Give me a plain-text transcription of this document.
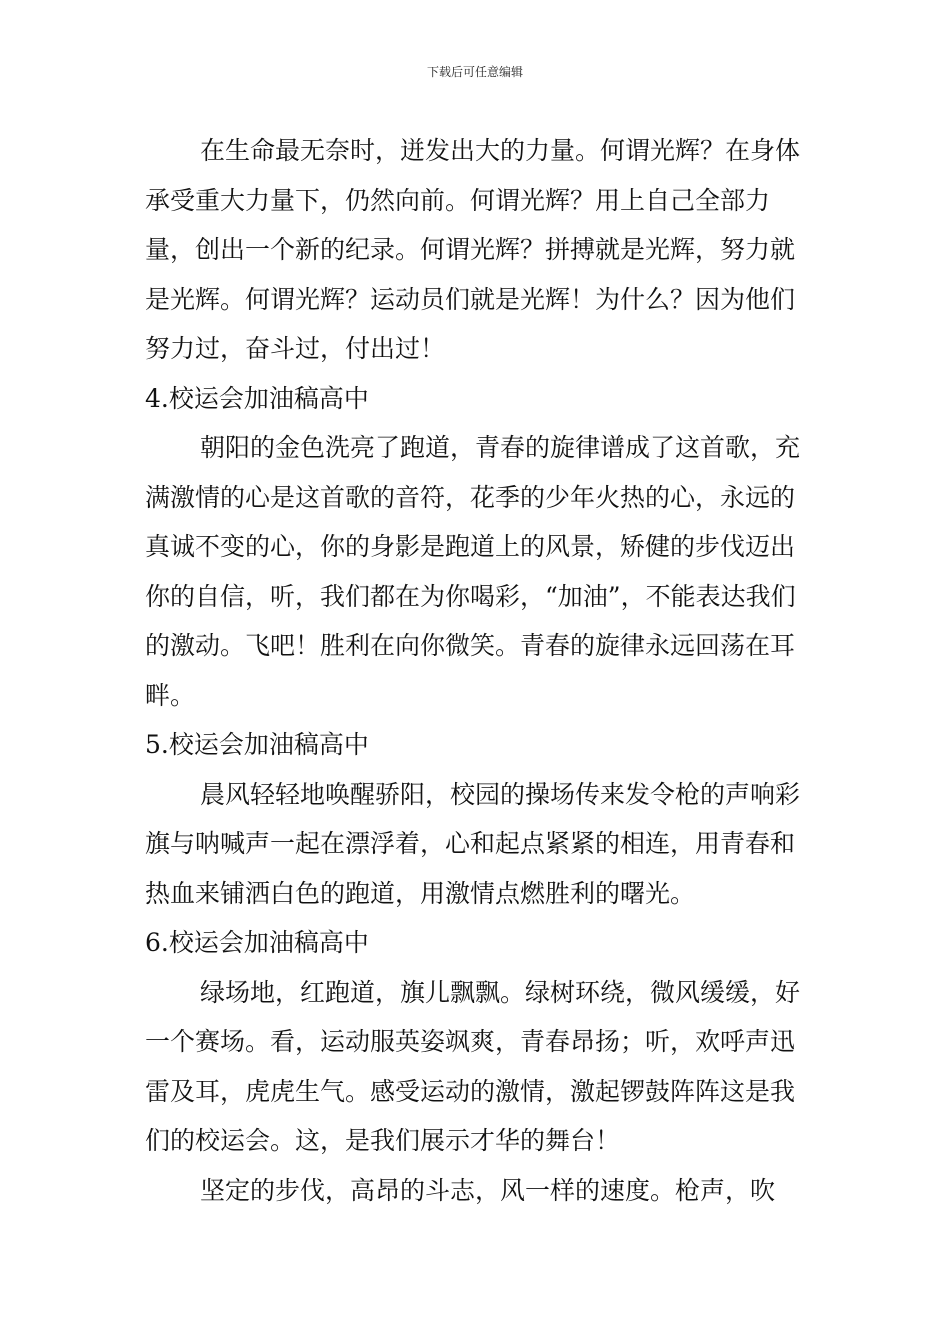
下载后可任意编辑

在生命最无奈时，迸发出大的力量。何谓光辉？在身体承受重大力量下，仍然向前。何谓光辉？用上自己全部力量，创出一个新的纪录。何谓光辉？拼搏就是光辉，努力就是光辉。何谓光辉？运动员们就是光辉！为什么？因为他们努力过，奋斗过，付出过！

4.校运会加油稿高中

朝阳的金色洗亮了跑道，青春的旋律谱成了这首歌，充满激情的心是这首歌的音符，花季的少年火热的心，永远的真诚不变的心，你的身影是跑道上的风景，矫健的步伐迈出你的自信，听，我们都在为你喝彩，“加油”，不能表达我们的激动。飞吧！胜利在向你微笑。青春的旋律永远回荡在耳畔。

5.校运会加油稿高中

晨风轻轻地唤醒骄阳，校园的操场传来发令枪的声响彩旗与呐喊声一起在漂浮着，心和起点紧紧的相连，用青春和热血来铺洒白色的跑道，用激情点燃胜利的曙光。

6.校运会加油稿高中

绿场地，红跑道，旗儿飘飘。绿树环绕，微风缓缓，好一个赛场。看，运动服英姿飒爽，青春昂扬；听，欢呼声迅雷及耳，虎虎生气。感受运动的激情，激起锣鼓阵阵这是我们的校运会。这，是我们展示才华的舞台！

坚定的步伐，高昂的斗志，风一样的速度。枪声，吹
